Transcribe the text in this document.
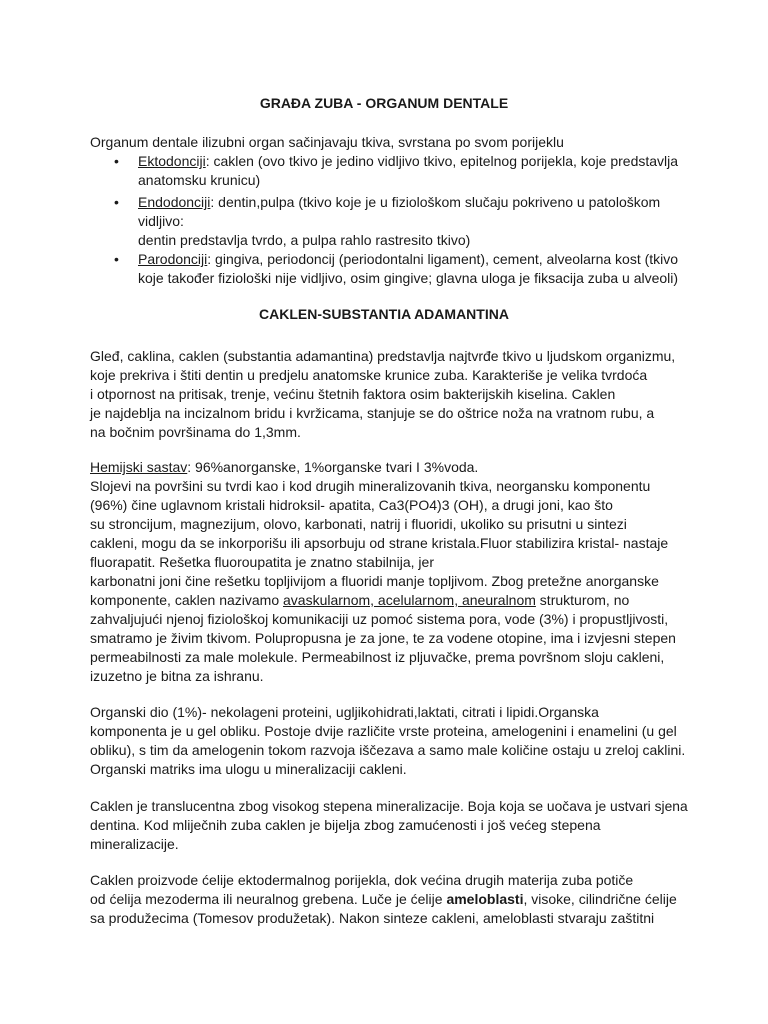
GRAĐA ZUBA - ORGANUM DENTALE
Organum dentale ilizubni organ sačinjavaju tkiva, svrstana po svom porijeklu
• Ektodonciji: caklen (ovo tkivo je jedino vidljivo tkivo, epitelnog porijekla, koje predstavlja
anatomsku krunicu)
• Endodonciji: dentin,pulpa (tkivo koje je u fiziološkom slučaju pokriveno u patološkom
vidljivo:
dentin predstavlja tvrdo, a pulpa rahlo rastresito tkivo)
• Parodonciji: gingiva, periodoncij (periodontalni ligament), cement, alveolarna kost (tkivo
koje također fiziološki nije vidljivo, osim gingive; glavna uloga je fiksacija zuba u alveoli)
CAKLEN-SUBSTANTIA ADAMANTINA
Gleđ, caklina, caklen (substantia adamantina) predstavlja najtvrđe tkivo u ljudskom organizmu,
koje prekriva i štiti dentin u predjelu anatomske krunice zuba. Karakteriše je velika tvrdoća
i otpornost na pritisak, trenje, većinu štetnih faktora osim bakterijskih kiselina. Caklen
je najdeblja na incizalnom bridu i kvržicama, stanjuje se do oštrice noža na vratnom rubu, a
na bočnim površinama do 1,3mm.
Hemijski sastav: 96%anorganske, 1%organske tvari I 3%voda.
Slojevi na površini su tvrdi kao i kod drugih mineralizovanih tkiva, neorgansku komponentu
(96%) čine uglavnom kristali hidroksil- apatita, Ca3(PO4)3 (OH), a drugi joni, kao što
su stroncijum, magnezijum, olovo, karbonati, natrij i fluoridi, ukoliko su prisutni u sintezi
cakleni, mogu da se inkorporišu ili apsorbuju od strane kristala.Fluor stabilizira kristal- nastaje
fluorapatit. Rešetka fluoroupatita je znatno stabilnija, jer
karbonatni joni čine rešetku topljivijom a fluoridi manje topljivom. Zbog pretežne anorganske
komponente, caklen nazivamo avaskularnom, acelularnom, aneuralnom strukturom, no
zahvaljujući njenoj fiziološkoj komunikaciji uz pomoć sistema pora, vode (3%) i propustljivosti,
smatramo je živim tkivom. Polupropusna je za jone, te za vodene otopine, ima i izvjesni stepen
permeabilnosti za male molekule. Permeabilnost iz pljuvačke, prema površnom sloju cakleni,
izuzetno je bitna za ishranu.
Organski dio (1%)- nekolageni proteini, ugljikohidrati,laktati, citrati i lipidi.Organska
komponenta je u gel obliku. Postoje dvije različite vrste proteina, amelogenini i enamelini (u gel
obliku), s tim da amelogenin tokom razvoja iščezava a samo male količine ostaju u zreloj caklini.
Organski matriks ima ulogu u mineralizaciji cakleni.
Caklen je translucentna zbog visokog stepena mineralizacije. Boja koja se uočava je ustvari sjena
dentina. Kod mliječnih zuba caklen je bijelja zbog zamućenosti i još većeg stepena
mineralizacije.
Caklen proizvode ćelije ektodermalnog porijekla, dok većina drugih materija zuba potiče
od ćelija mezoderma ili neuralnog grebena. Luče je ćelije ameloblasti, visoke, cilindrične ćelije
sa produžecima (Tomesov produžetak). Nakon sinteze cakleni, ameloblasti stvaraju zaštitni
